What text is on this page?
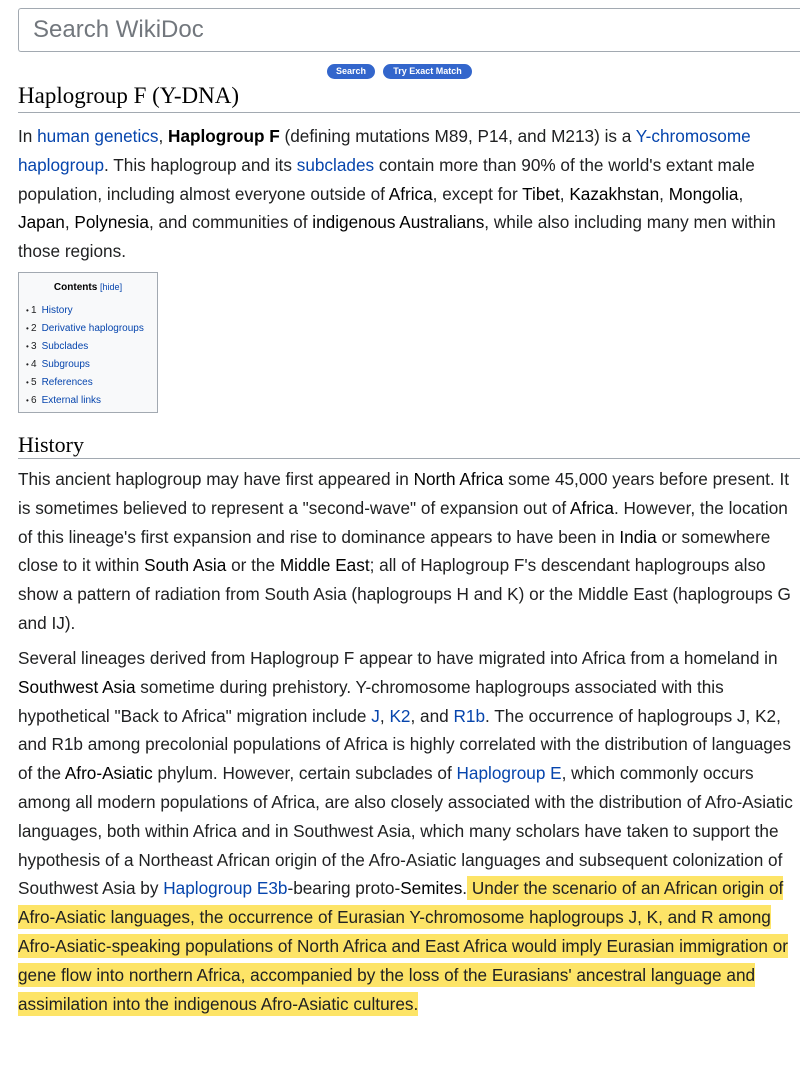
Search WikiDoc
Search	Try Exact Match
Haplogroup F (Y-DNA)

In human genetics, Haplogroup F (defining mutations M89, P14, and M213) is a Y-chromosome haplogroup. This haplogroup and its subclades contain more than 90% of the world's extant male population, including almost everyone outside of Africa, except for Tibet, Kazakhstan, Mongolia, Japan, Polynesia, and communities of indigenous Australians, while also including many men within those regions.

Contents [hide]
• 1 History
• 2 Derivative haplogroups
• 3 Subclades
• 4 Subgroups
• 5 References
• 6 External links
History

This ancient haplogroup may have first appeared in North Africa some 45,000 years before present. It is sometimes believed to represent a "second-wave" of expansion out of Africa. However, the location of this lineage's first expansion and rise to dominance appears to have been in India or somewhere close to it within South Asia or the Middle East; all of Haplogroup F's descendant haplogroups also show a pattern of radiation from South Asia (haplogroups H and K) or the Middle East (haplogroups G and IJ).

Several lineages derived from Haplogroup F appear to have migrated into Africa from a homeland in Southwest Asia sometime during prehistory. Y-chromosome haplogroups associated with this hypothetical "Back to Africa" migration include J, K2, and R1b. The occurrence of haplogroups J, K2, and R1b among precolonial populations of Africa is highly correlated with the distribution of languages of the Afro-Asiatic phylum. However, certain subclades of Haplogroup E, which commonly occurs among all modern populations of Africa, are also closely associated with the distribution of Afro-Asiatic languages, both within Africa and in Southwest Asia, which many scholars have taken to support the hypothesis of a Northeast African origin of the Afro-Asiatic languages and subsequent colonization of Southwest Asia by Haplogroup E3b-bearing proto-Semites. Under the scenario of an African origin of Afro-Asiatic languages, the occurrence of Eurasian Y-chromosome haplogroups J, K, and R among Afro-Asiatic-speaking populations of North Africa and East Africa would imply Eurasian immigration or gene flow into northern Africa, accompanied by the loss of the Eurasians' ancestral language and assimilation into the indigenous Afro-Asiatic cultures.
